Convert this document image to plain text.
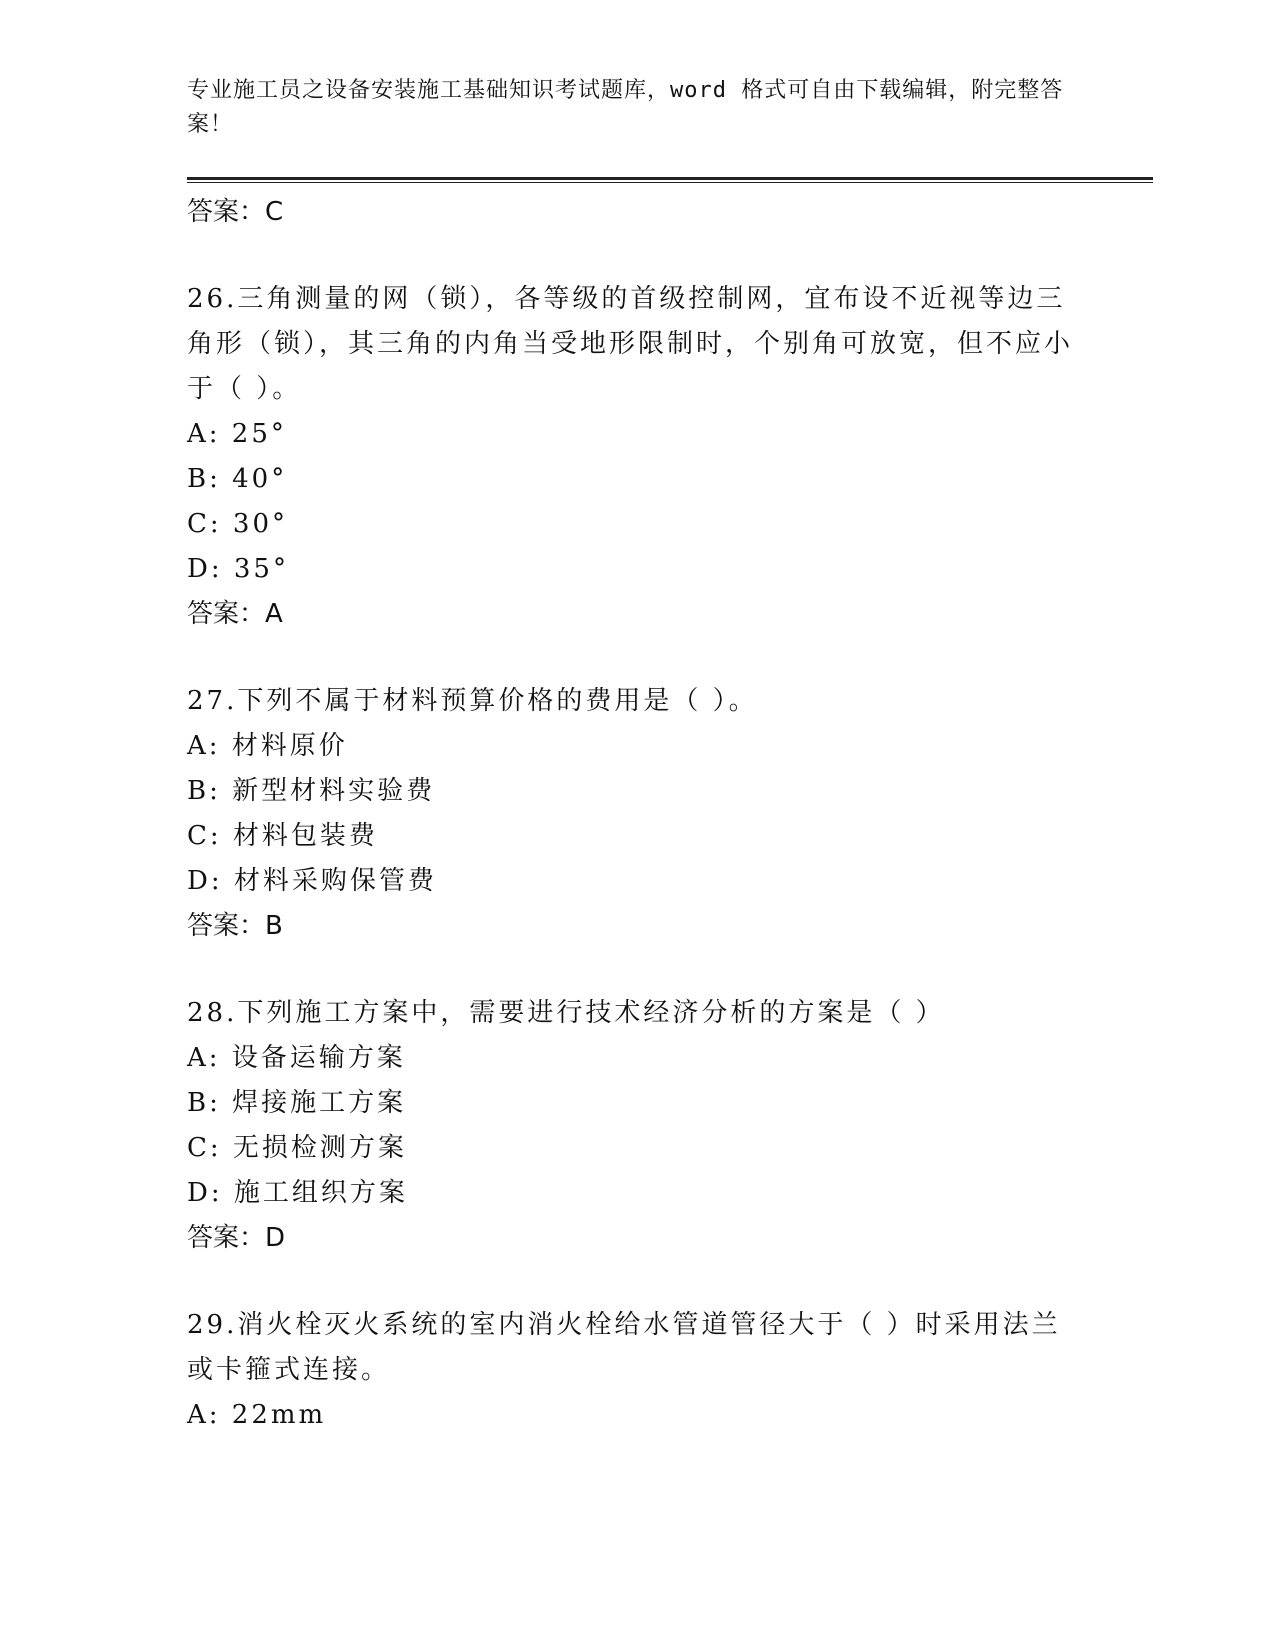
专业施工员之设备安装施工基础知识考试题库，word 格式可自由下载编辑，附完整答案！

答案：C

26.三角测量的网（锁），各等级的首级控制网，宜布设不近视等边三角形（锁），其三角的内角当受地形限制时，个别角可放宽，但不应小于（ ）。

A: 25°

B: 40°

C: 30°

D: 35°

答案：A

27.下列不属于材料预算价格的费用是（ ）。

A: 材料原价

B: 新型材料实验费

C: 材料包装费

D: 材料采购保管费

答案：B

28.下列施工方案中，需要进行技术经济分析的方案是（ ）

A: 设备运输方案

B: 焊接施工方案

C: 无损检测方案

D: 施工组织方案

答案：D

29.消火栓灭火系统的室内消火栓给水管道管径大于（ ）时采用法兰或卡箍式连接。

A: 22mm
